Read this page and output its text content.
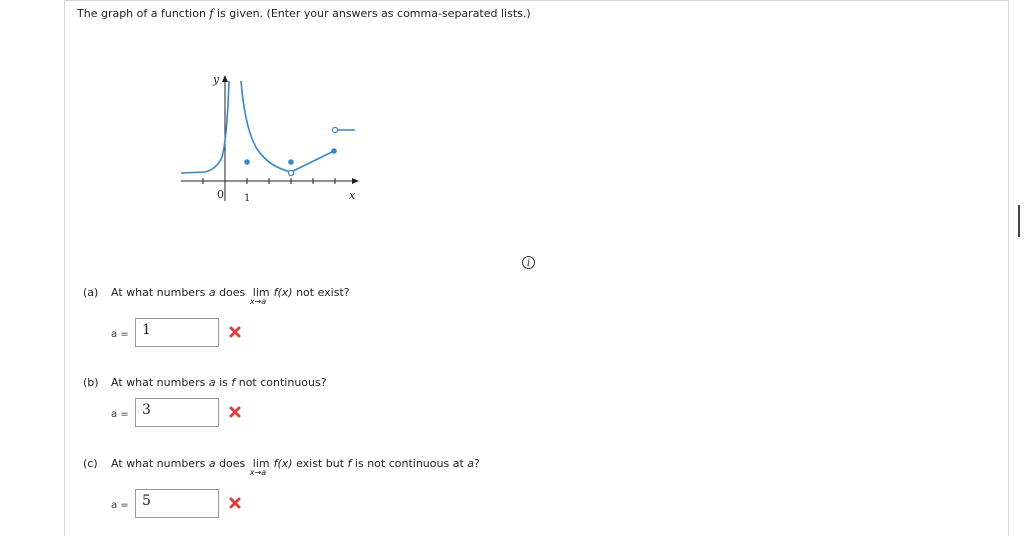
The graph of a function f is given. (Enter your answers as comma-separated lists.)
y
x
0 1
i
(a) At what numbers a does lim
x→a
f(x) not exist?
a = 1
(b) At what numbers a is f not continuous?
a = 3
(c) At what numbers a does lim
x→a
f(x) exist but f is not continuous at a?
a = 5
